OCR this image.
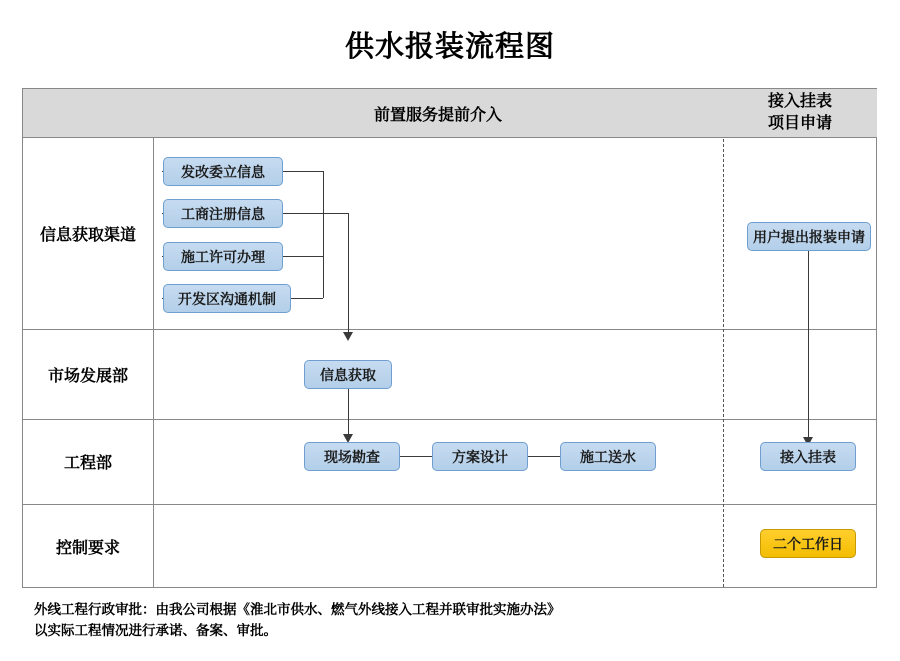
供水报装流程图
前置服务提前介入
接入挂表
项目申请
信息获取渠道
市场发展部
工程部
控制要求
发改委立信息
工商注册信息
施工许可办理
开发区沟通机制
用户提出报装申请
信息获取
现场勘查	方案设计	施工送水	接入挂表
二个工作日
外线工程行政审批：由我公司根据《淮北市供水、燃气外线接入工程并联审批实施办法》
以实际工程情况进行承诺、备案、审批。
